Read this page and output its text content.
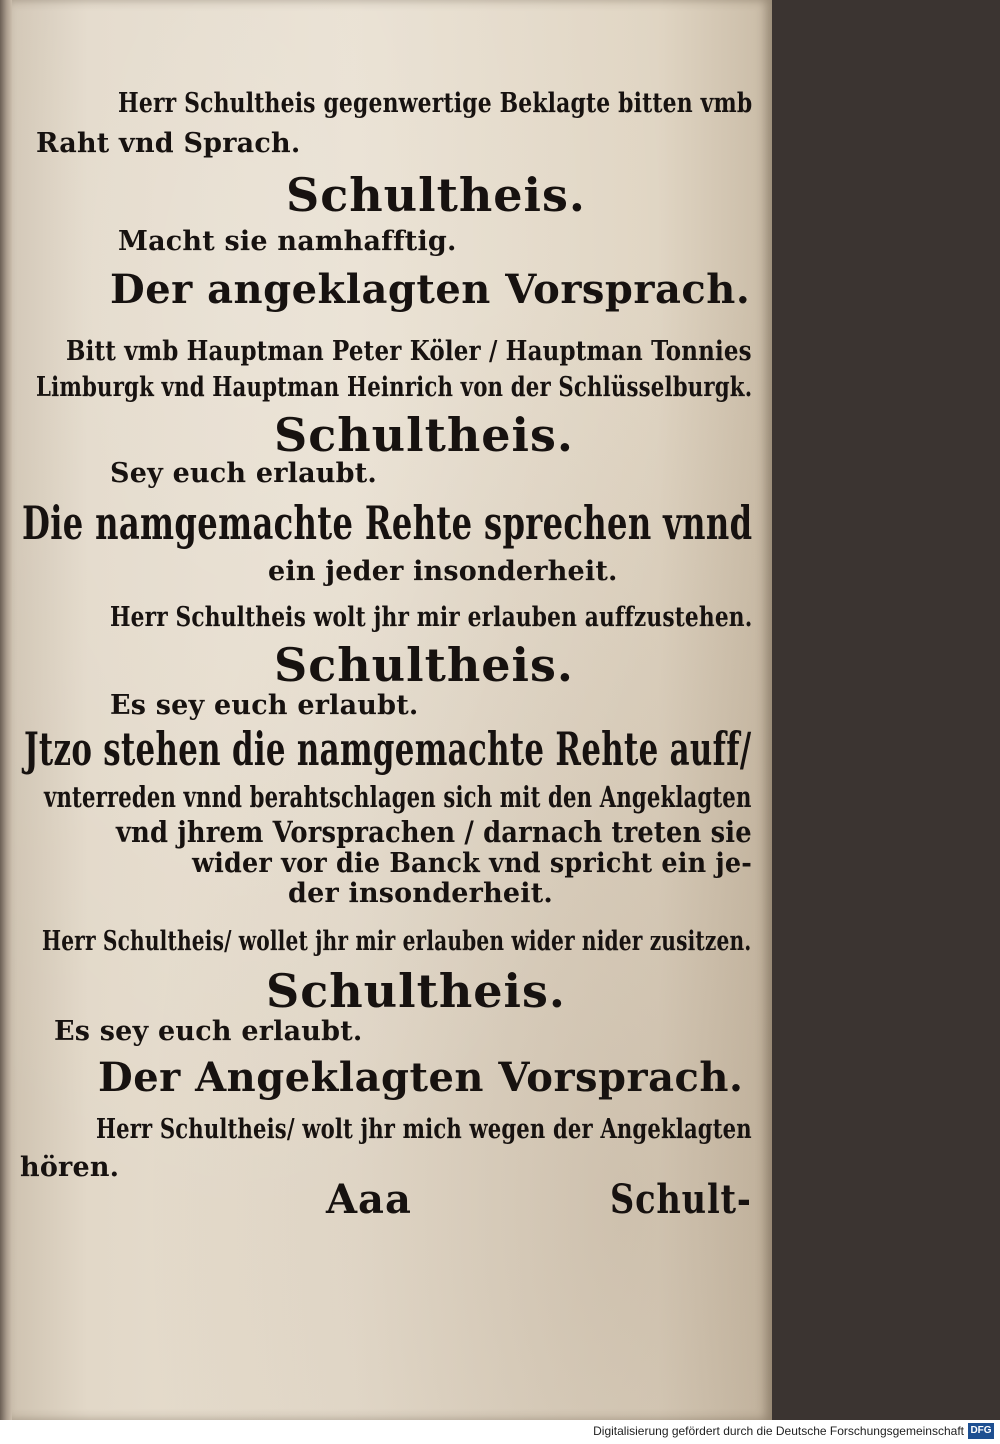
Herr Schultheis gegenwertige Beklagte bitten vmb
Raht vnd Sprach.
Schultheis.
Macht sie namhafftig.
Der angeklagten Vorsprach.
Bitt vmb Hauptman Peter Köler / Hauptman Tonnies
Limburgk vnd Hauptman Heinrich von der Schlüsselburgk.
Schultheis.
Sey euch erlaubt.
Die namgemachte Rehte sprechen vnnd
ein jeder insonderheit.
Herr Schultheis wolt jhr mir erlauben auffzustehen.
Schultheis.
Es sey euch erlaubt.
Jtzo stehen die namgemachte Rehte auff/
vnterreden vnnd berahtschlagen sich mit den Angeklagten
vnd jhrem Vorsprachen / darnach treten sie
wider vor die Banck vnd spricht ein je-
der insonderheit.
Herr Schultheis/ wollet jhr mir erlauben wider nider zusitzen.
Schultheis.
Es sey euch erlaubt.
Der Angeklagten Vorsprach.
Herr Schultheis/ wolt jhr mich wegen der Angeklagten
hören.
Aaa	Schult-
Digitalisierung gefördert durch die Deutsche Forschungsgemeinschaft DFG
